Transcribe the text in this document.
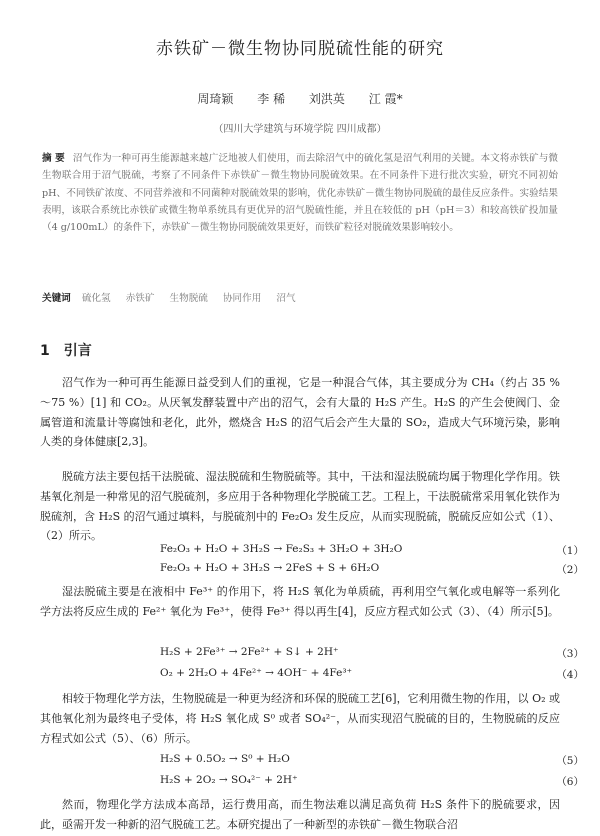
赤铁矿－微生物协同脱硫性能的研究
周琦颖 李 稀 刘洪英 江 霞*
（四川大学建筑与环境学院 四川成都）

摘 要 沼气作为一种可再生能源越来越广泛地被人们使用，而去除沼气中的硫化氢是沼气利用的关键。本文将赤铁矿与微生物联合用于沼气脱硫，考察了不同条件下赤铁矿－微生物协同脱硫效果。在不同条件下进行批次实验，研究不同初始 pH、不同铁矿浓度、不同营养液和不同菌种对脱硫效果的影响，优化赤铁矿－微生物协同脱硫的最佳反应条件。实验结果表明，该联合系统比赤铁矿或微生物单系统具有更优异的沼气脱硫性能，并且在较低的 pH（pH＝3）和较高铁矿投加量（4 g/100mL）的条件下，赤铁矿－微生物协同脱硫效果更好，而铁矿粒径对脱硫效果影响较小。

关键词 硫化氢 赤铁矿 生物脱硫 协同作用 沼气

1 引言

沼气作为一种可再生能源日益受到人们的重视，它是一种混合气体，其主要成分为 CH₄（约占 35 % ～75 %）[1] 和 CO₂。从厌氧发酵装置中产出的沼气，会有大量的 H₂S 产生。H₂S 的产生会使阀门、金属管道和流量计等腐蚀和老化，此外，燃烧含 H₂S 的沼气后会产生大量的 SO₂，造成大气环境污染，影响人类的身体健康[2,3]。

脱硫方法主要包括干法脱硫、湿法脱硫和生物脱硫等。其中，干法和湿法脱硫均属于物理化学作用。铁基氧化剂是一种常见的沼气脱硫剂，多应用于各种物理化学脱硫工艺。工程上，干法脱硫常采用氧化铁作为脱硫剂，含 H₂S 的沼气通过填料，与脱硫剂中的 Fe₂O₃ 发生反应，从而实现脱硫，脱硫反应如公式（1）、（2）所示。

Fe₂O₃ + H₂O + 3H₂S → Fe₂S₃ + 3H₂O + 3H₂O	（1）
Fe₂O₃ + H₂O + 3H₂S → 2FeS + S + 6H₂O	（2）

湿法脱硫主要是在液相中 Fe³⁺ 的作用下，将 H₂S 氧化为单质硫，再利用空气氧化或电解等一系列化学方法将反应生成的 Fe²⁺ 氧化为 Fe³⁺，使得 Fe³⁺ 得以再生[4]，反应方程式如公式（3）、（4）所示[5]。

H₂S + 2Fe³⁺ → 2Fe²⁺ + S↓ + 2H⁺	（3）
O₂ + 2H₂O + 4Fe²⁺ → 4OH⁻ + 4Fe³⁺	（4）

相较于物理化学方法，生物脱硫是一种更为经济和环保的脱硫工艺[6]，它利用微生物的作用，以 O₂ 或其他氧化剂为最终电子受体，将 H₂S 氧化成 S⁰ 或者 SO₄²⁻，从而实现沼气脱硫的目的，生物脱硫的反应方程式如公式（5）、（6）所示。

H₂S + 0.5O₂ → S⁰ + H₂O	（5）
H₂S + 2O₂ → SO₄²⁻ + 2H⁺	（6）

然而，物理化学方法成本高昂，运行费用高，而生物法难以满足高负荷 H₂S 条件下的脱硫要求，因此，亟需开发一种新的沼气脱硫工艺。本研究提出了一种新型的赤铁矿－微生物联合沼
